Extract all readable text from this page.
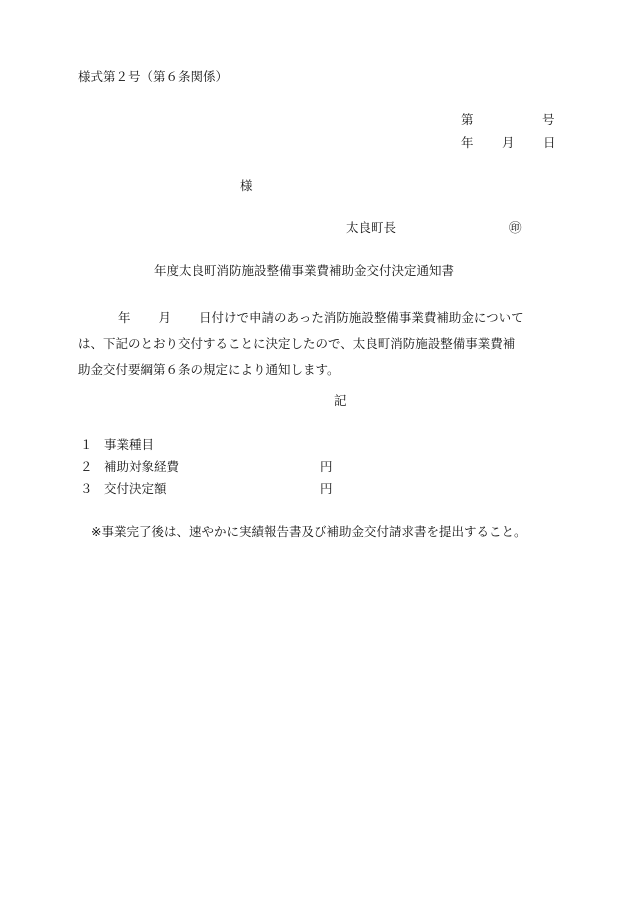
様式第２号（第６条関係）
第	号
年 月 日
様
太良町長	㊞
年度太良町消防施設整備事業費補助金交付決定通知書
年 月 日付けで申請のあった消防施設整備事業費補助金について
は、下記のとおり交付することに決定したので、太良町消防施設整備事業費補
助金交付要綱第６条の規定により通知します。
記
１ 事業種目
２ 補助対象経費	円
３ 交付決定額	円
※事業完了後は、速やかに実績報告書及び補助金交付請求書を提出すること。
